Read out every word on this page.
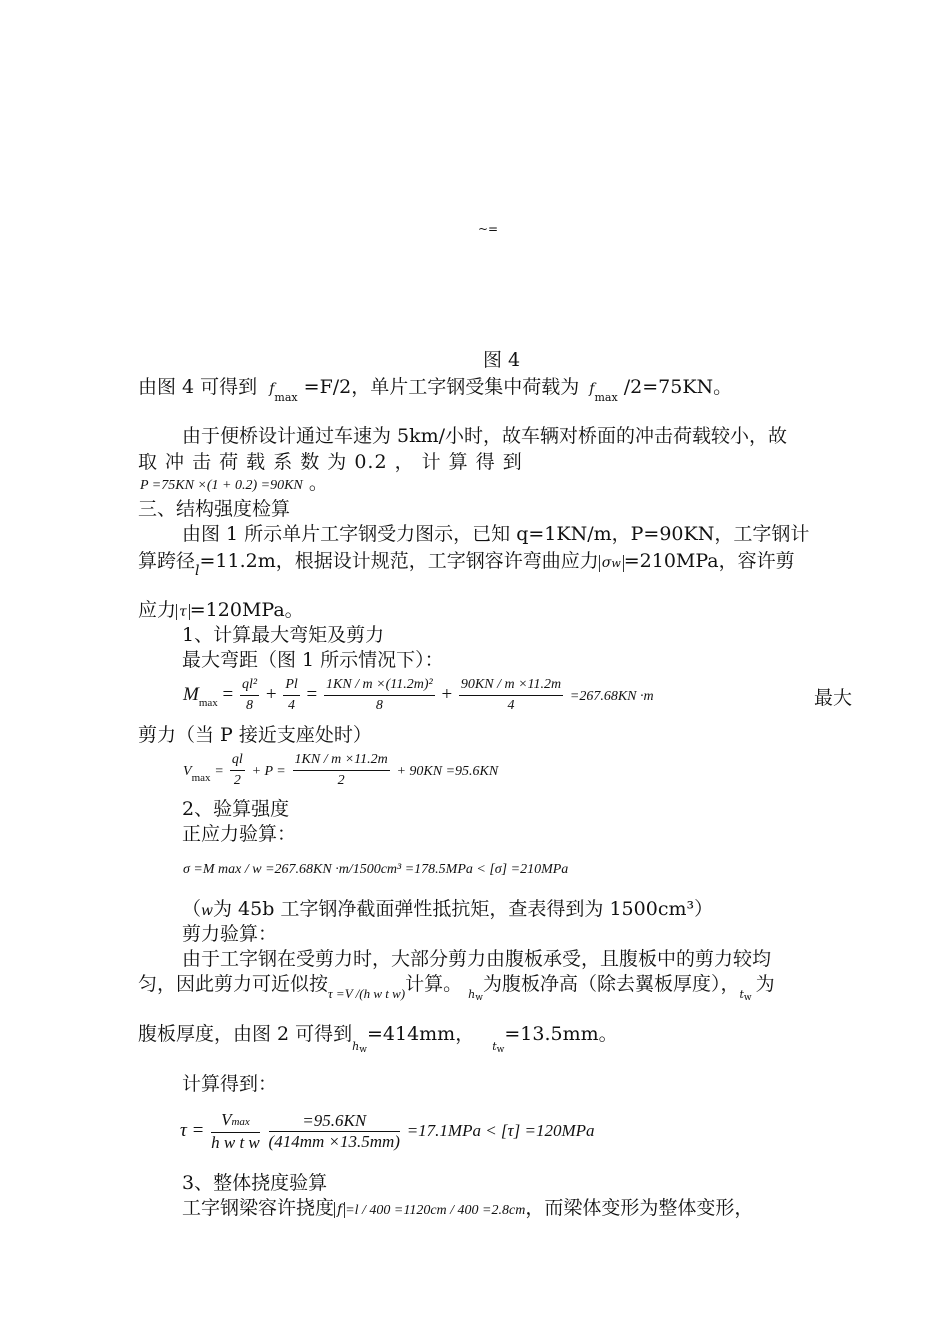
~=
图 4
由图 4 可得到 $f_{max} =F/2$，单片工字钢受集中荷载为 $f_{max}$ /2=75KN。
由于便桥设计通过车速为 5km/小时，故车辆对桥面的冲击荷载较小，故
取 冲 击 荷 载 系 数 为 0.2 ， 计 算 得 到
P =75KN ×(1 + 0.2) =90KN 。
三、结构强度检算
由图 1 所示单片工字钢受力图示，已知 q=1KN/m，P=90KN，工字钢计
算跨径$_l$=11.2m，根据设计规范，工字钢容许弯曲应力 σw =210MPa，容许剪
应力 τ =120MPa。
1、计算最大弯矩及剪力
最大弯距（图 1 所示情况下）：
$M_{max} = \frac{\text{ql²}}{8} + \frac{Pl}{4} = \frac{\text{1KN / m ×(11.2m)²}}{8} + \frac{90KN / m \times 11.2m}{4} =267.68KN \cdot m$	最大
剪力（当 P 接近支座处时）
$V_{max} = \frac{ql}{2} + P = \frac{1KN / m \times 11.2m}{2} + 90KN =95.6KN$
2、验算强度
正应力验算：
σ =M max / w =267.68KN ·m/1500cm³ =178.5MPa < [σ] =210MPa
（w为 45b 工字钢净截面弹性抵抗矩，查表得到为 1500cm³）
剪力验算：
由于工字钢在受剪力时，大部分剪力由腹板承受，且腹板中的剪力较均
匀，因此剪力可近似按$_{\tau =V /(h w t w)}$计算。 $_{hw}$为腹板净高（除去翼板厚度），$_{tw}$为
腹板厚度，由图 2 可得到$_{hw}$=414mm，$_{tw}$=13.5mm。
计算得到：
$\tau = \frac{Vmax}{\text{h w t w}}$
$\frac{=95.6KN}{(414mm \times 13.5mm)} =17.1MPa < [\tau] =120MPa$
3、整体挠度验算
工字钢梁容许挠度 f =l / 400 =1120cm / 400 =2.8cm，而梁体变形为整体变形，
